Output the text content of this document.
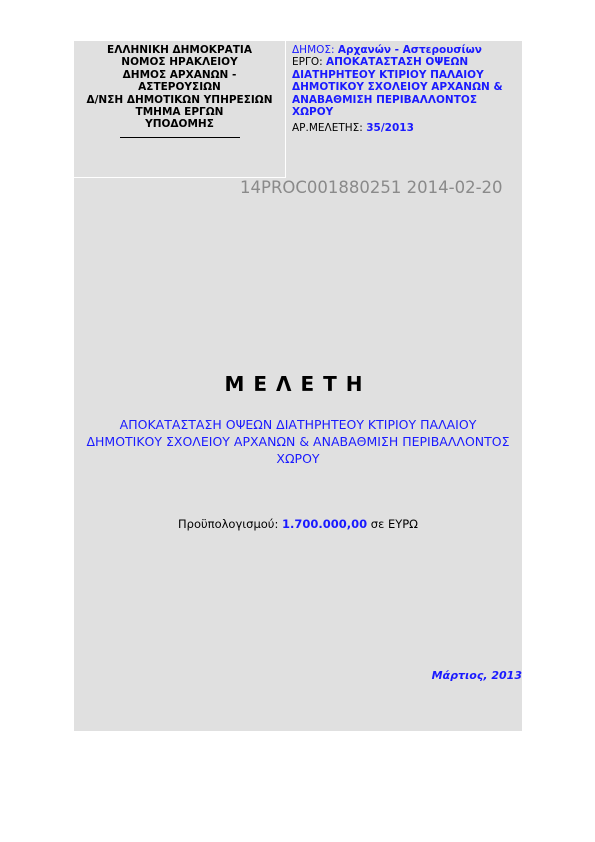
ΕΛΛΗΝΙΚΗ ΔΗΜΟΚΡΑΤΙΑ
ΝΟΜΟΣ ΗΡΑΚΛΕΙΟΥ
ΔΗΜΟΣ ΑΡΧΑΝΩΝ -
ΑΣΤΕΡΟΥΣΙΩΝ
Δ/ΝΣΗ ΔΗΜΟΤΙΚΩΝ ΥΠΗΡΕΣΙΩΝ
ΤΜΗΜΑ ΕΡΓΩΝ
ΥΠΟΔΟΜΗΣ
ΔΗΜΟΣ: Αρχανών - Αστερουσίων
ΕΡΓΟ: ΑΠΟΚΑΤΑΣΤΑΣΗ ΟΨΕΩΝ ΔΙΑΤΗΡΗΤΕΟΥ ΚΤΙΡΙΟΥ ΠΑΛΑΙΟΥ ΔΗΜΟΤΙΚΟΥ ΣΧΟΛΕΙΟΥ ΑΡΧΑΝΩΝ & ΑΝΑΒΑΘΜΙΣΗ ΠΕΡΙΒΑΛΛΟΝΤΟΣ ΧΩΡΟΥ
ΑΡ.ΜΕΛΕΤΗΣ: 35/2013
14PROC001880251 2014-02-20
ΜΕΛΕΤΗ
ΑΠΟΚΑΤΑΣΤΑΣΗ ΟΨΕΩΝ ΔΙΑΤΗΡΗΤΕΟΥ ΚΤΙΡΙΟΥ ΠΑΛΑΙΟΥ ΔΗΜΟΤΙΚΟΥ ΣΧΟΛΕΙΟΥ ΑΡΧΑΝΩΝ & ΑΝΑΒΑΘΜΙΣΗ ΠΕΡΙΒΑΛΛΟΝΤΟΣ ΧΩΡΟΥ
Προϋπολογισμού: 1.700.000,00 σε ΕΥΡΩ
Μάρτιος, 2013
